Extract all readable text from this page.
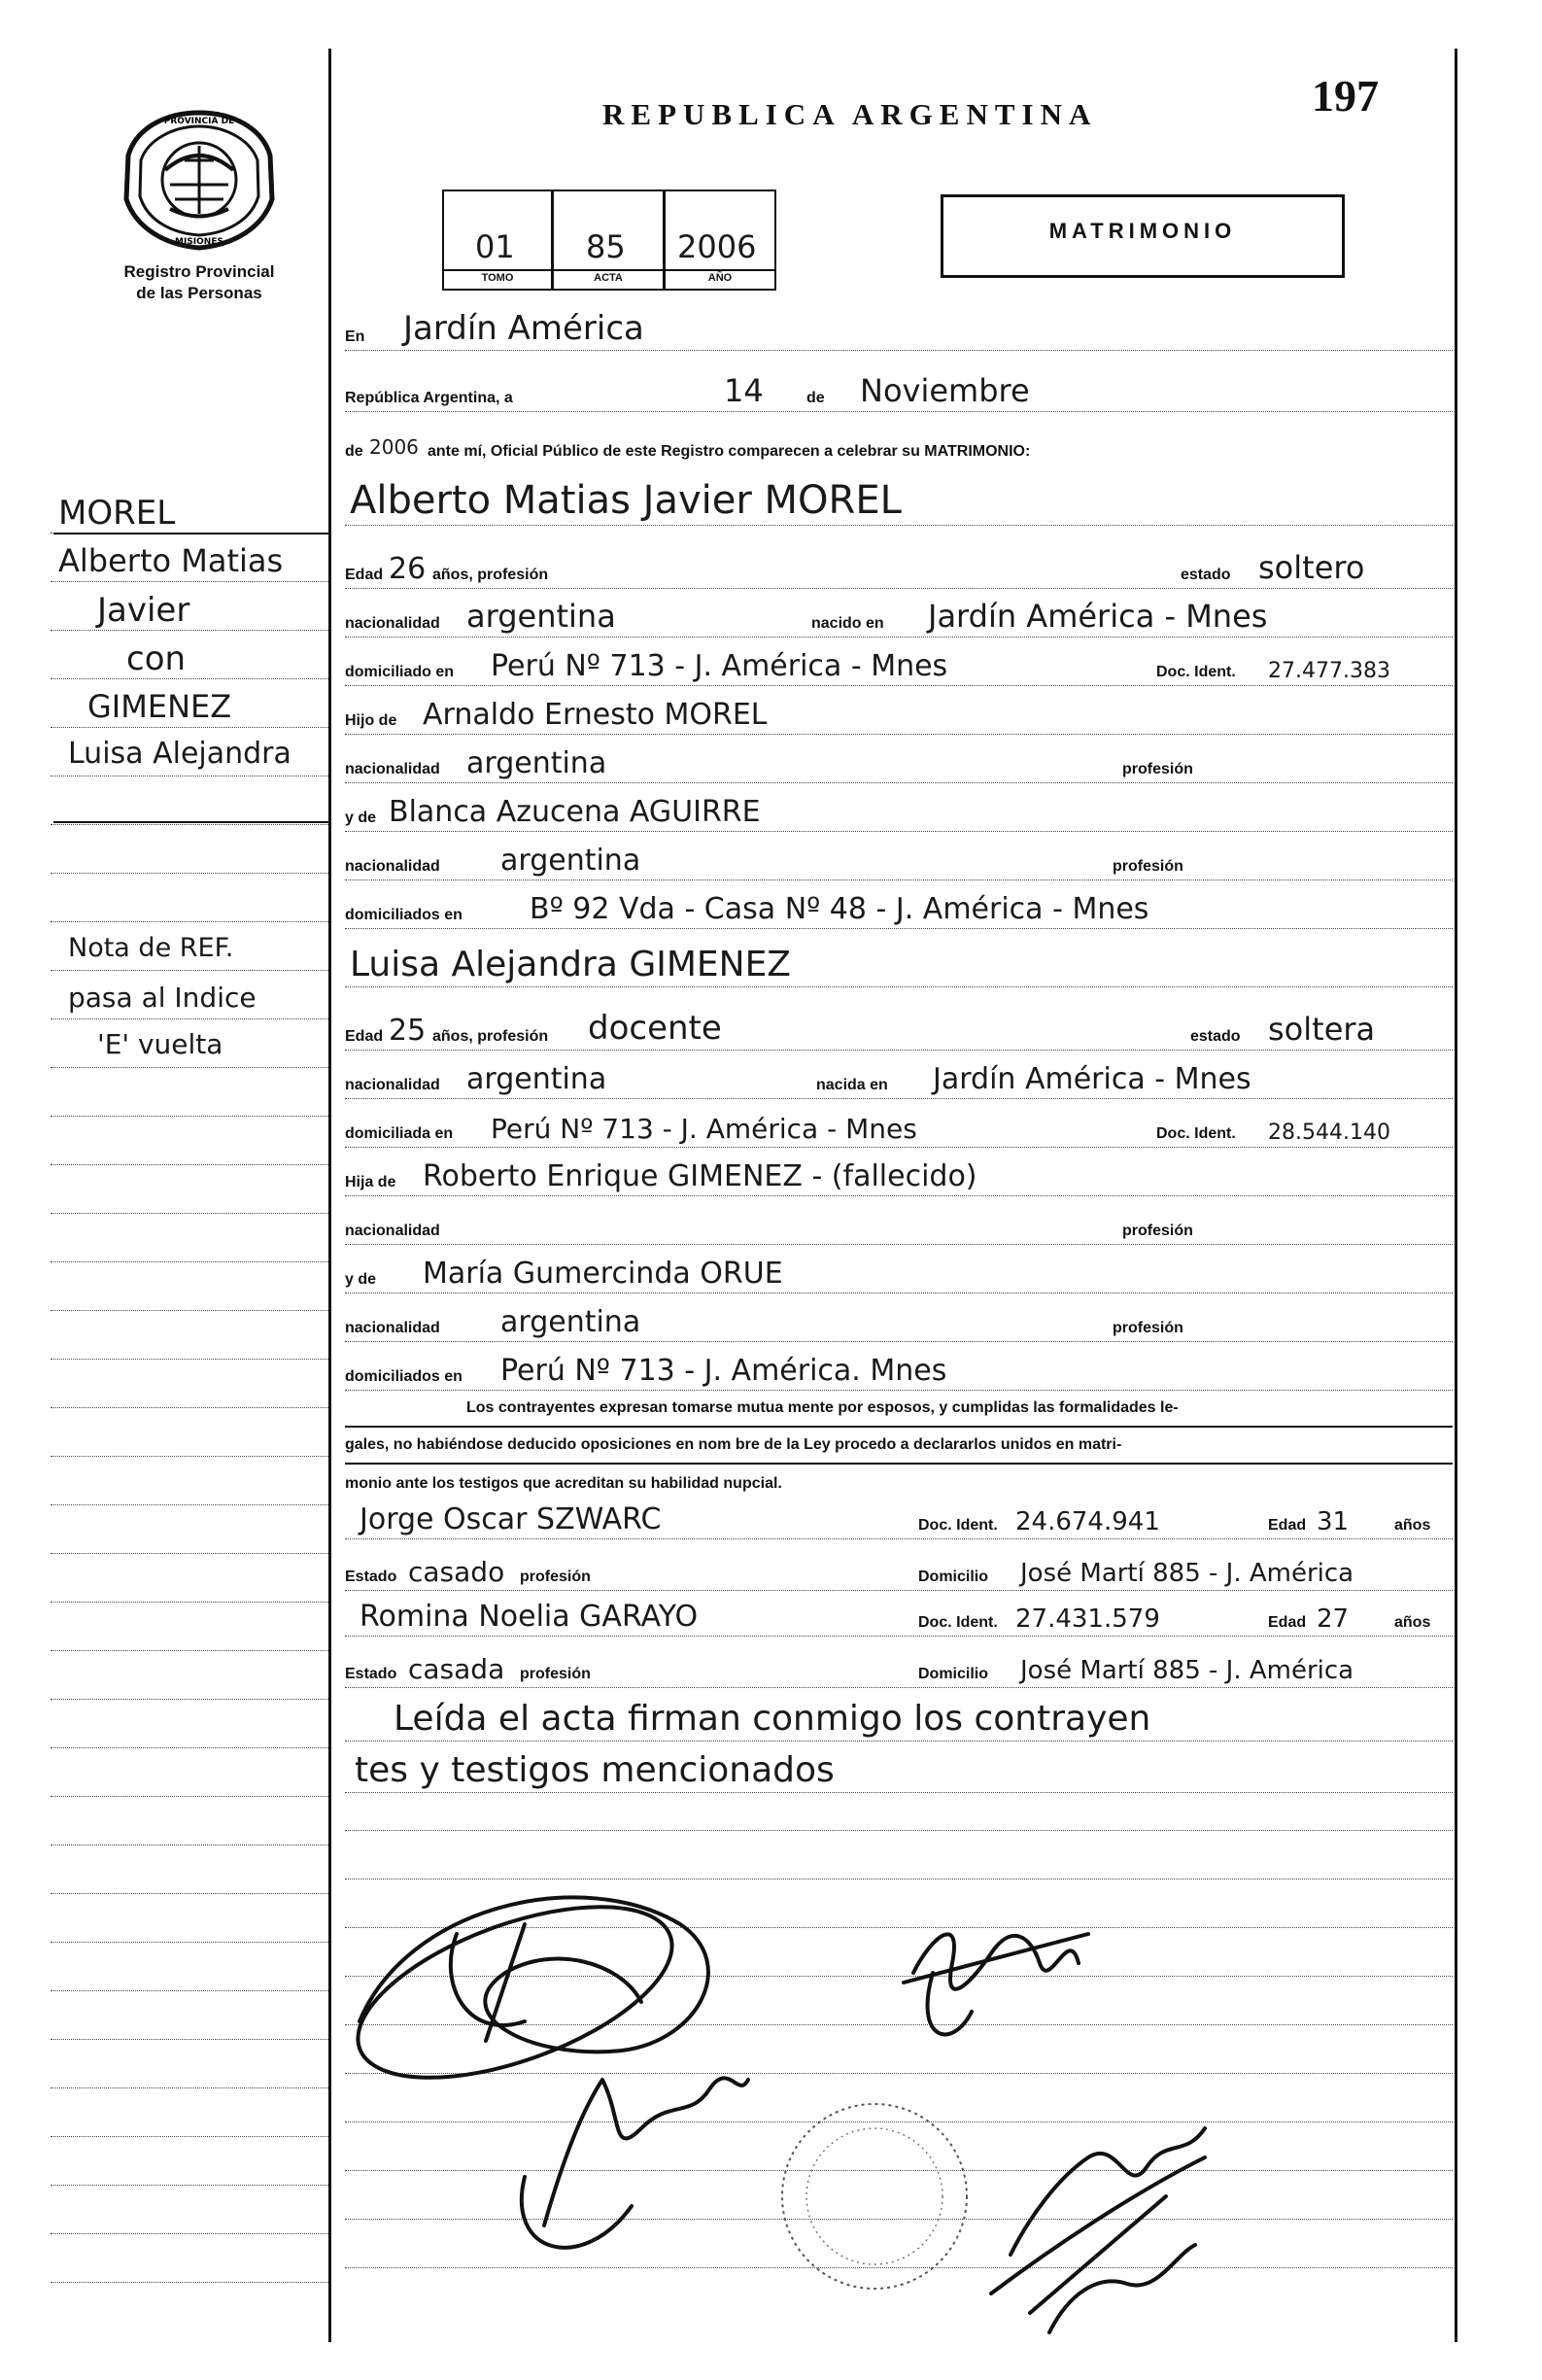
PROVINCIA DE
MISIONES
Registro Provincial
de las Personas
REPUBLICA ARGENTINA	197
01 85 2006
TOMO	ACTA	AÑO
MATRIMONIO
MOREL
Alberto Matias
Javier
con
GIMENEZ
Luisa Alejandra
Nota de REF.
pasa al Indice
'E' vuelta
En Jardín América
República Argentina, a	14	de Noviembre
de 2006 ante mí, Oficial Público de este Registro comparecen a celebrar su MATRIMONIO:
Alberto Matias Javier MOREL
Edad 26 años, profesión	estado soltero
nacionalidad argentina	nacido en Jardín América - Mnes
domiciliado en Perú Nº 713 - J. América - Mnes	Doc. Ident. 27.477.383
Hijo de Arnaldo Ernesto MOREL
nacionalidad argentina	profesión
y de Blanca Azucena AGUIRRE
nacionalidad argentina	profesión
domiciliados en Bº 92 Vda - Casa Nº 48 - J. América - Mnes
Luisa Alejandra GIMENEZ
Edad 25 años, profesión docente	estado soltera
nacionalidad argentina	nacida en Jardín América - Mnes
domiciliada en Perú Nº 713 - J. América - Mnes	Doc. Ident. 28.544.140
Hija de Roberto Enrique GIMENEZ - (fallecido)
nacionalidad	profesión
y de María Gumercinda ORUE
nacionalidad argentina	profesión
domiciliados en Perú Nº 713 - J. América. Mnes
Los contrayentes expresan tomarse mutua mente por esposos, y cumplidas las formalidades le-
gales, no habiéndose deducido oposiciones en nom bre de la Ley procedo a declararlos unidos en matri-
monio ante los testigos que acreditan su habilidad nupcial.
Jorge Oscar SZWARC	Doc. Ident. 24.674.941	Edad 31	años
Estado casado profesión	Domicilio José Martí 885 - J. América
Romina Noelia GARAYO	Doc. Ident. 27.431.579	Edad 27	años
Estado casada profesión	Domicilio José Martí 885 - J. América
Leída el acta firman conmigo los contrayen
tes y testigos mencionados
